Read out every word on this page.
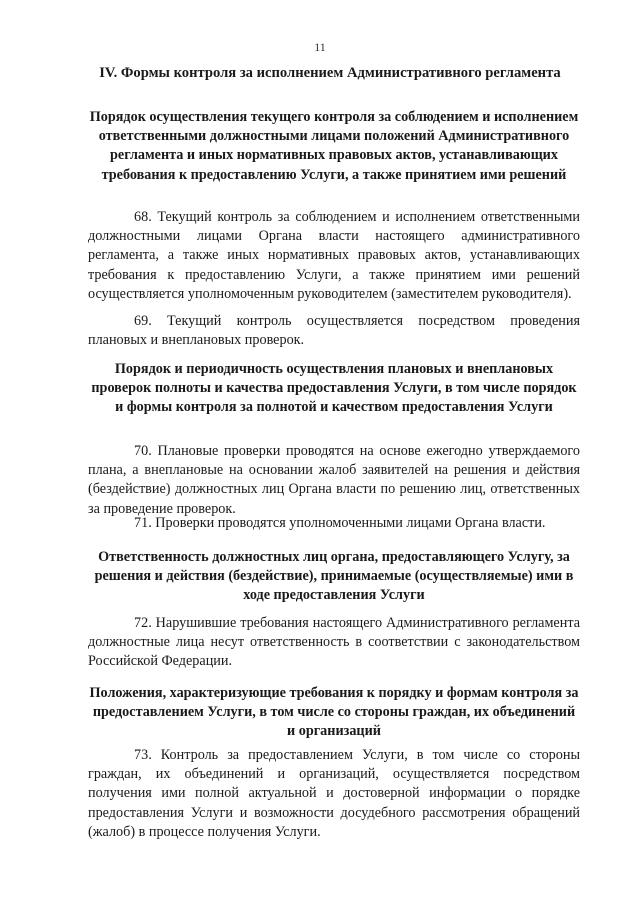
11
IV. Формы контроля за исполнением Административного регламента
Порядок осуществления текущего контроля за соблюдением и исполнением ответственными должностными лицами положений Административного регламента и иных нормативных правовых актов, устанавливающих требования к предоставлению Услуги, а также принятием ими решений

68. Текущий контроль за соблюдением и исполнением ответственными должностными лицами Органа власти настоящего административного регламента, а также иных нормативных правовых актов, устанавливающих требования к предоставлению Услуги, а также принятием ими решений осуществляется уполномоченным руководителем (заместителем руководителя).

69. Текущий контроль осуществляется посредством проведения плановых и внеплановых проверок.

Порядок и периодичность осуществления плановых и внеплановых проверок полноты и качества предоставления Услуги, в том числе порядок и формы контроля за полнотой и качеством предоставления Услуги

70. Плановые проверки проводятся на основе ежегодно утверждаемого плана, а внеплановые на основании жалоб заявителей на решения и действия (бездействие) должностных лиц Органа власти по решению лиц, ответственных за проведение проверок.

71. Проверки проводятся уполномоченными лицами Органа власти.

Ответственность должностных лиц органа, предоставляющего Услугу, за решения и действия (бездействие), принимаемые (осуществляемые) ими в ходе предоставления Услуги

72. Нарушившие требования настоящего Административного регламента должностные лица несут ответственность в соответствии с законодательством Российской Федерации.

Положения, характеризующие требования к порядку и формам контроля за предоставлением Услуги, в том числе со стороны граждан, их объединений и организаций

73. Контроль за предоставлением Услуги, в том числе со стороны граждан, их объединений и организаций, осуществляется посредством получения ими полной актуальной и достоверной информации о порядке предоставления Услуги и возможности досудебного рассмотрения обращений (жалоб) в процессе получения Услуги.
